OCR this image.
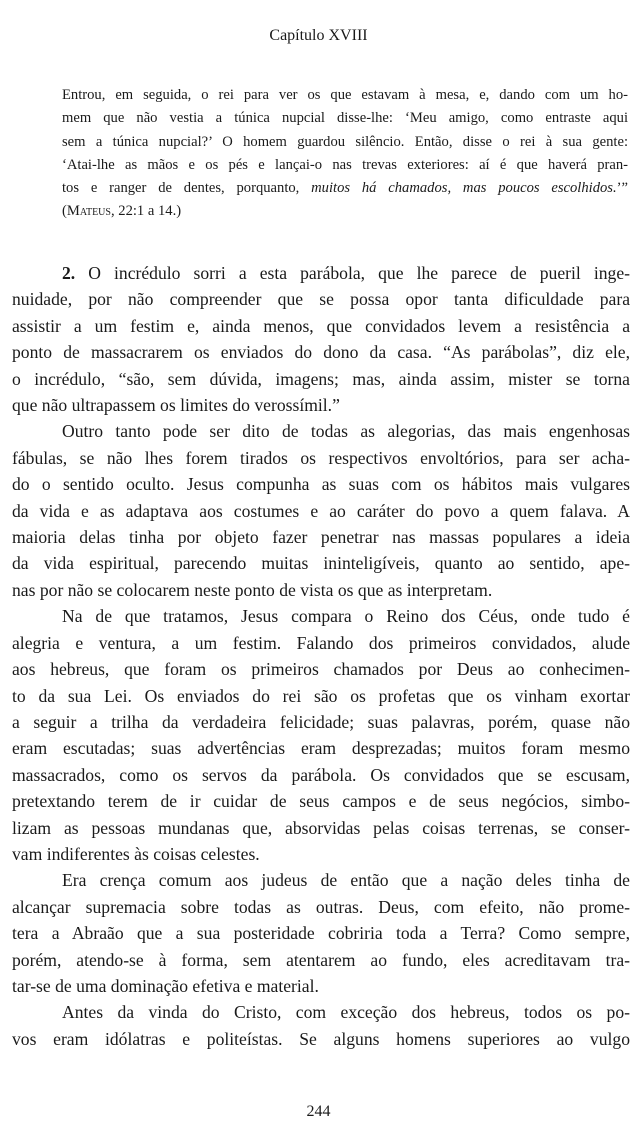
Capítulo XVIII
Entrou, em seguida, o rei para ver os que estavam à mesa, e, dando com um ho-
mem que não vestia a túnica nupcial disse-lhe: ‘Meu amigo, como entraste aqui
sem a túnica nupcial?’ O homem guardou silêncio. Então, disse o rei à sua gente:
‘Atai-lhe as mãos e os pés e lançai-o nas trevas exteriores: aí é que haverá pran-
tos e ranger de dentes, porquanto, muitos há chamados, mas poucos escolhidos.’”
(Mateus, 22:1 a 14.)
2. O incrédulo sorri a esta parábola, que lhe parece de pueril inge-
nuidade, por não compreender que se possa opor tanta dificuldade para
assistir a um festim e, ainda menos, que convidados levem a resistência a
ponto de massacrarem os enviados do dono da casa. “As parábolas”, diz ele,
o incrédulo, “são, sem dúvida, imagens; mas, ainda assim, mister se torna
que não ultrapassem os limites do verossímil.”
Outro tanto pode ser dito de todas as alegorias, das mais engenhosas
fábulas, se não lhes forem tirados os respectivos envoltórios, para ser acha-
do o sentido oculto. Jesus compunha as suas com os hábitos mais vulgares
da vida e as adaptava aos costumes e ao caráter do povo a quem falava. A
maioria delas tinha por objeto fazer penetrar nas massas populares a ideia
da vida espiritual, parecendo muitas ininteligíveis, quanto ao sentido, ape-
nas por não se colocarem neste ponto de vista os que as interpretam.
Na de que tratamos, Jesus compara o Reino dos Céus, onde tudo é
alegria e ventura, a um festim. Falando dos primeiros convidados, alude
aos hebreus, que foram os primeiros chamados por Deus ao conhecimen-
to da sua Lei. Os enviados do rei são os profetas que os vinham exortar
a seguir a trilha da verdadeira felicidade; suas palavras, porém, quase não
eram escutadas; suas advertências eram desprezadas; muitos foram mesmo
massacrados, como os servos da parábola. Os convidados que se escusam,
pretextando terem de ir cuidar de seus campos e de seus negócios, simbo-
lizam as pessoas mundanas que, absorvidas pelas coisas terrenas, se conser-
vam indiferentes às coisas celestes.
Era crença comum aos judeus de então que a nação deles tinha de
alcançar supremacia sobre todas as outras. Deus, com efeito, não prome-
tera a Abraão que a sua posteridade cobriria toda a Terra? Como sempre,
porém, atendo-se à forma, sem atentarem ao fundo, eles acreditavam tra-
tar-se de uma dominação efetiva e material.
Antes da vinda do Cristo, com exceção dos hebreus, todos os po-
vos eram idólatras e politeístas. Se alguns homens superiores ao vulgo
244
